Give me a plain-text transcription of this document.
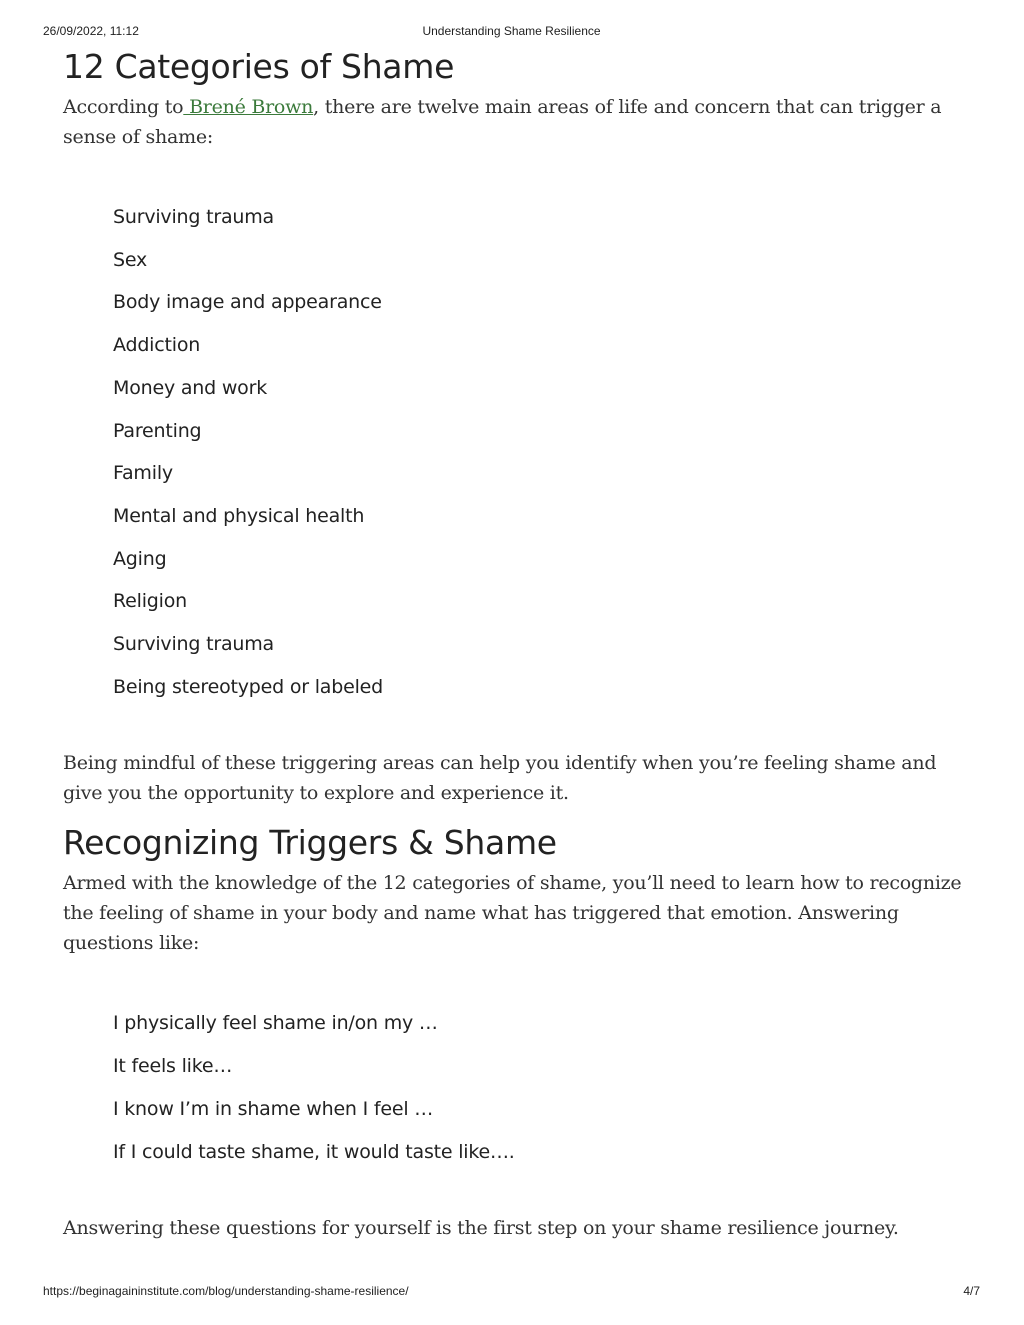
26/09/2022, 11:12	Understanding Shame Resilience
12 Categories of Shame

According to Brené Brown, there are twelve main areas of life and concern that can trigger a sense of shame:

Surviving trauma
Sex
Body image and appearance
Addiction
Money and work
Parenting
Family
Mental and physical health
Aging
Religion
Surviving trauma
Being stereotyped or labeled

Being mindful of these triggering areas can help you identify when you’re feeling shame and give you the opportunity to explore and experience it.

Recognizing Triggers & Shame

Armed with the knowledge of the 12 categories of shame, you’ll need to learn how to recognize the feeling of shame in your body and name what has triggered that emotion. Answering questions like:

I physically feel shame in/on my …
It feels like…
I know I’m in shame when I feel …
If I could taste shame, it would taste like….

Answering these questions for yourself is the first step on your shame resilience journey.

https://beginagaininstitute.com/blog/understanding-shame-resilience/	4/7
